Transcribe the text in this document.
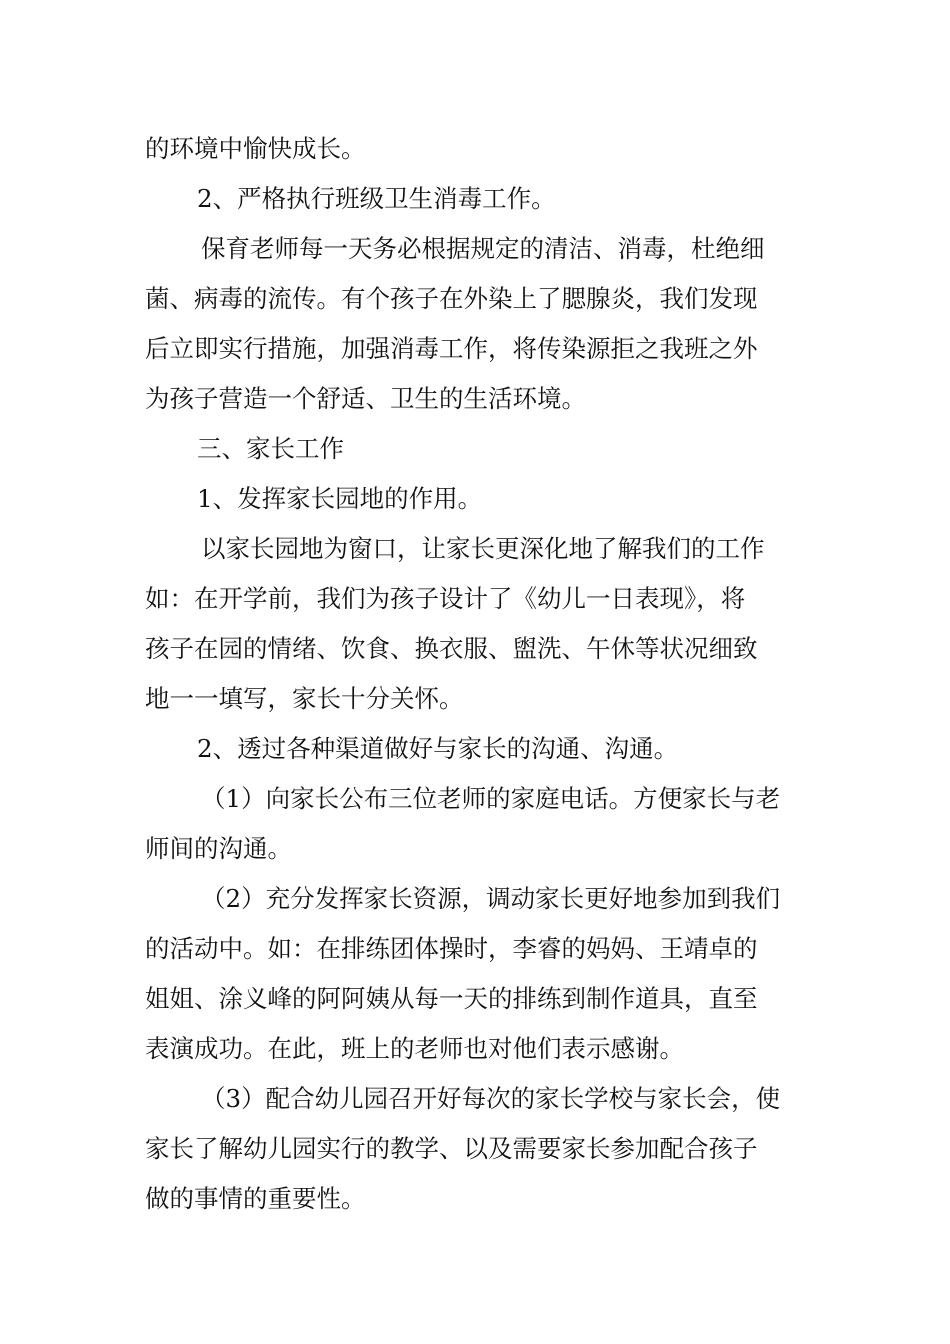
的环境中愉快成长。
2、严格执行班级卫生消毒工作。
保育老师每一天务必根据规定的清洁、消毒，杜绝细
菌、病毒的流传。有个孩子在外染上了腮腺炎，我们发现
后立即实行措施，加强消毒工作，将传染源拒之我班之外
为孩子营造一个舒适、卫生的生活环境。
三、家长工作
1、发挥家长园地的作用。
以家长园地为窗口，让家长更深化地了解我们的工作
如：在开学前，我们为孩子设计了《幼儿一日表现》，将
孩子在园的情绪、饮食、换衣服、盥洗、午休等状况细致
地一一填写，家长十分关怀。
2、透过各种渠道做好与家长的沟通、沟通。
（1）向家长公布三位老师的家庭电话。方便家长与老
师间的沟通。
（2）充分发挥家长资源，调动家长更好地参加到我们
的活动中。如：在排练团体操时，李睿的妈妈、王靖卓的
姐姐、涂义峰的阿阿姨从每一天的排练到制作道具，直至
表演成功。在此，班上的老师也对他们表示感谢。
（3）配合幼儿园召开好每次的家长学校与家长会，使
家长了解幼儿园实行的教学、以及需要家长参加配合孩子
做的事情的重要性。
